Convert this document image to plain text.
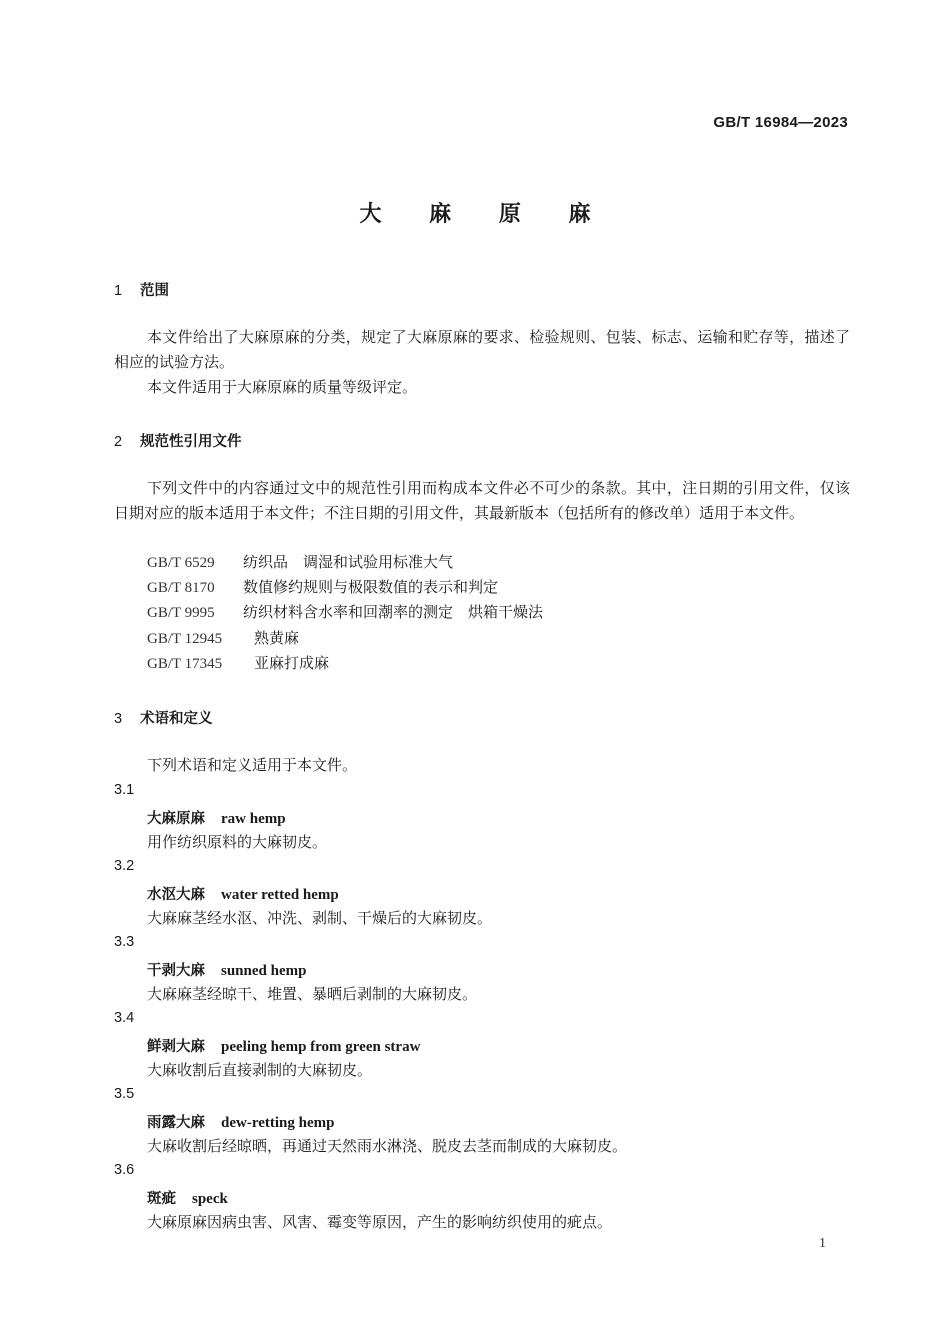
GB/T 16984—2023
大 麻 原 麻
1 范围
本文件给出了大麻原麻的分类，规定了大麻原麻的要求、检验规则、包装、标志、运输和贮存等，描述了相应的试验方法。
本文件适用于大麻原麻的质量等级评定。
2 规范性引用文件
下列文件中的内容通过文中的规范性引用而构成本文件必不可少的条款。其中，注日期的引用文件，仅该日期对应的版本适用于本文件；不注日期的引用文件，其最新版本（包括所有的修改单）适用于本文件。
GB/T 6529 纺织品　调湿和试验用标准大气
GB/T 8170 数值修约规则与极限数值的表示和判定
GB/T 9995 纺织材料含水率和回潮率的测定　烘箱干燥法
GB/T 12945 熟黄麻
GB/T 17345 亚麻打成麻
3 术语和定义
下列术语和定义适用于本文件。
3.1
大麻原麻 raw hemp
用作纺织原料的大麻韧皮。
3.2
水沤大麻 water retted hemp
大麻麻茎经水沤、冲洗、剥制、干燥后的大麻韧皮。
3.3
干剥大麻 sunned hemp
大麻麻茎经晾干、堆置、暴晒后剥制的大麻韧皮。
3.4
鲜剥大麻 peeling hemp from green straw
大麻收割后直接剥制的大麻韧皮。
3.5
雨露大麻 dew-retting hemp
大麻收割后经晾晒，再通过天然雨水淋浇、脱皮去茎而制成的大麻韧皮。
3.6
斑疵 speck
大麻原麻因病虫害、风害、霉变等原因，产生的影响纺织使用的疵点。
1
